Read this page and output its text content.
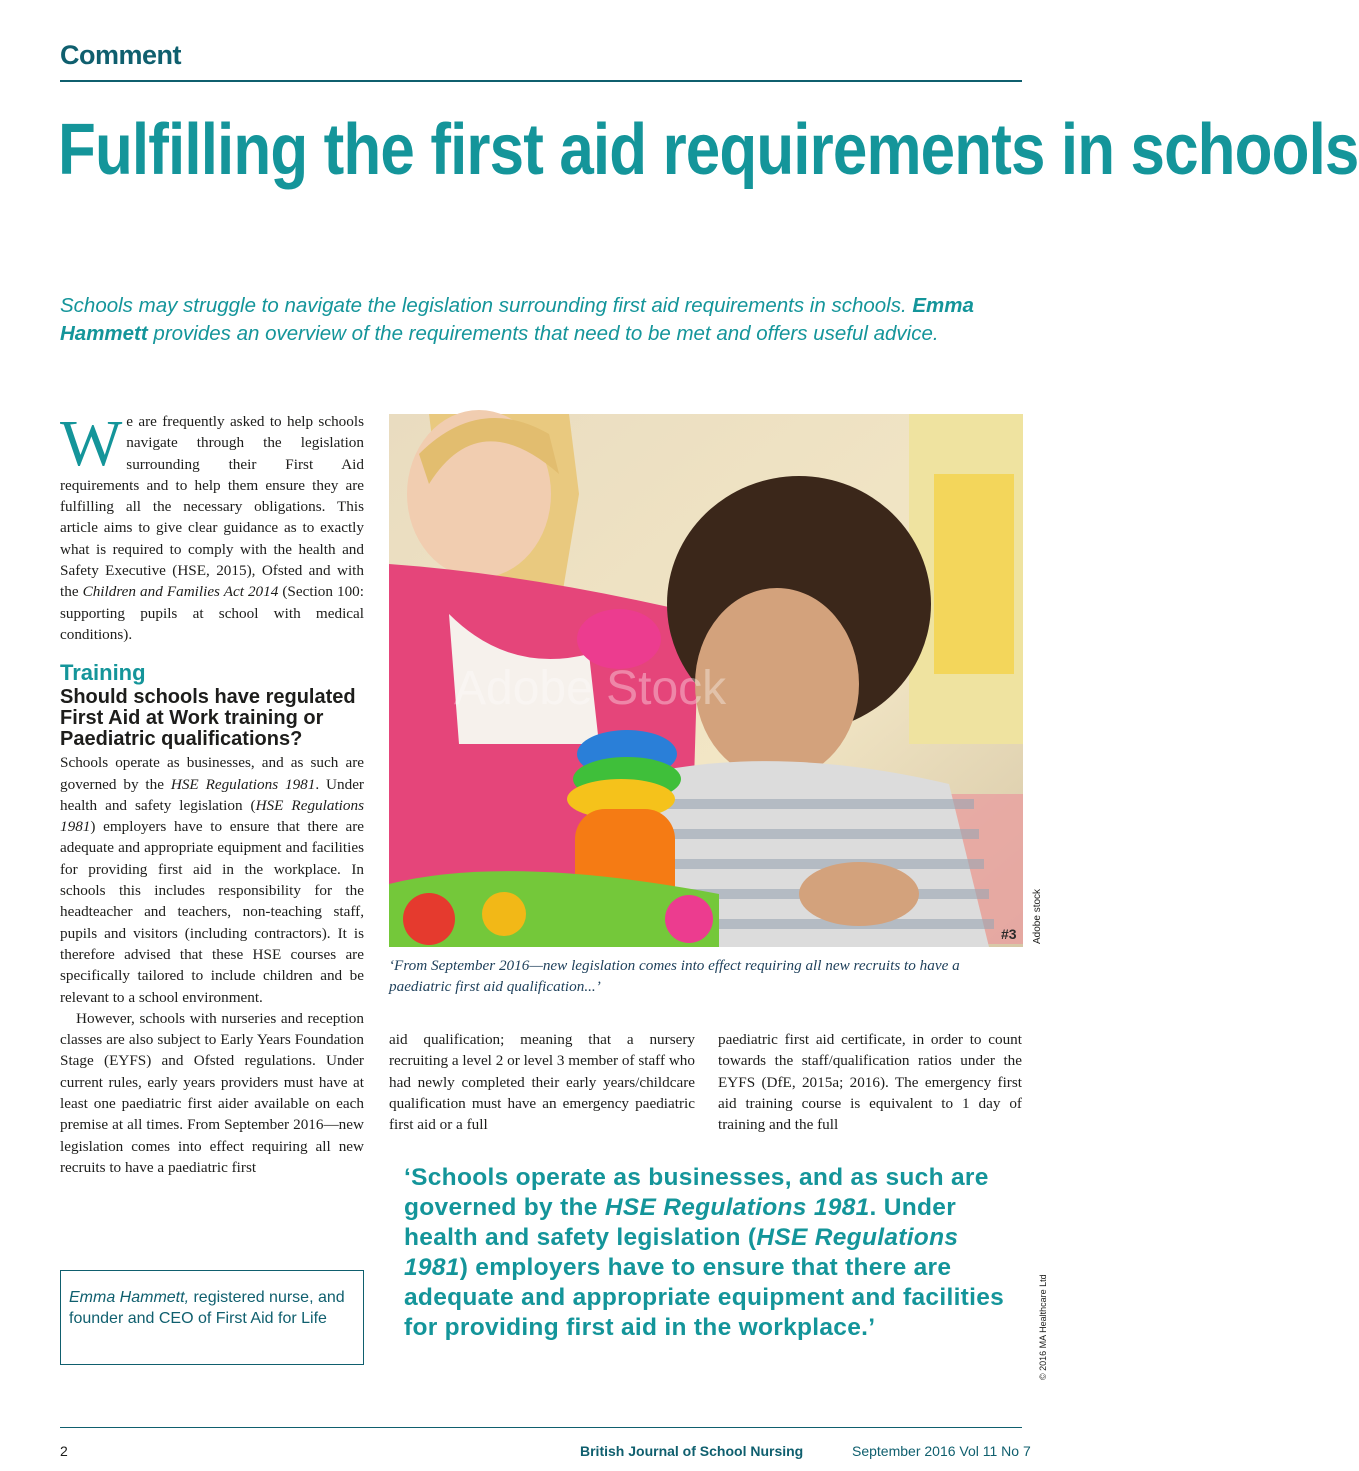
Comment
Fulfilling the first aid requirements in schools

Schools may struggle to navigate the legislation surrounding first aid requirements in schools. Emma Hammett provides an overview of the requirements that need to be met and offers useful advice.

We are frequently asked to help schools navigate through the legislation surrounding their First Aid requirements and to help them ensure they are fulfilling all the necessary obligations. This article aims to give clear guidance as to exactly what is required to comply with the health and Safety Executive (HSE, 2015), Ofsted and with the Children and Families Act 2014 (Section 100: supporting pupils at school with medical conditions).

Training
Should schools have regulated First Aid at Work training or Paediatric qualifications?

Schools operate as businesses, and as such are governed by the HSE Regulations 1981. Under health and safety legislation (HSE Regulations 1981) employers have to ensure that there are adequate and appropriate equipment and facilities for providing first aid in the workplace. In schools this includes responsibility for the headteacher and teachers, non-teaching staff, pupils and visitors (including contractors). It is therefore advised that these HSE courses are specifically tailored to include children and be relevant to a school environment.

However, schools with nurseries and reception classes are also subject to Early Years Foundation Stage (EYFS) and Ofsted regulations. Under current rules, early years providers must have at least one paediatric first aider available on each premise at all times. From September 2016—new legislation comes into effect requiring all new recruits to have a paediatric first

Adobe Stock
#3 Adobe stock

‘From September 2016—new legislation comes into effect requiring all new recruits to have a paediatric first aid qualification...’

aid qualification; meaning that a nursery recruiting a level 2 or level 3 member of staff who had newly completed their early years/childcare qualification must have an emergency paediatric first aid or a full

paediatric first aid certificate, in order to count towards the staff/qualification ratios under the EYFS (DfE, 2015a; 2016). The emergency first aid training course is equivalent to 1 day of training and the full

‘Schools operate as businesses, and as such are governed by the HSE Regulations 1981. Under health and safety legislation (HSE Regulations 1981) employers have to ensure that there are adequate and appropriate equipment and facilities for providing first aid in the workplace.’

Emma Hammett, registered nurse, and founder and CEO of First Aid for Life	© 2016 MA Healthcare Ltd
2	British Journal of School Nursing	September 2016 Vol 11 No 7
